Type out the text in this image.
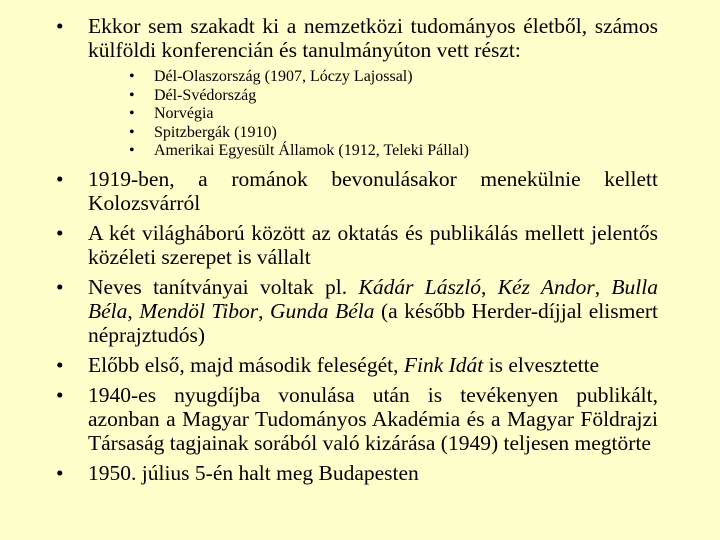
•	Ekkor sem szakadt ki a nemzetközi tudományos életből, számos külföldi konferencián és tanulmányúton vett részt:
• Dél-Olaszország (1907, Lóczy Lajossal)
• Dél-Svédország
• Norvégia
• Spitzbergák (1910)
• Amerikai Egyesült Államok (1912, Teleki Pállal)
•	1919-ben, a románok bevonulásakor menekülnie kellett Kolozsvárról
•	A két világháború között az oktatás és publikálás mellett jelentős közéleti szerepet is vállalt
•	Neves tanítványai voltak pl. Kádár László, Kéz Andor, Bulla Béla, Mendöl Tibor, Gunda Béla (a később Herder-díjjal elismert néprajztudós)
•	Előbb első, majd második feleségét, Fink Idát is elvesztette
•	1940-es nyugdíjba vonulása után is tevékenyen publikált, azonban a Magyar Tudományos Akadémia és a Magyar Földrajzi Társaság tagjainak sorából való kizárása (1949) teljesen megtörte
•	1950. július 5-én halt meg Budapesten
